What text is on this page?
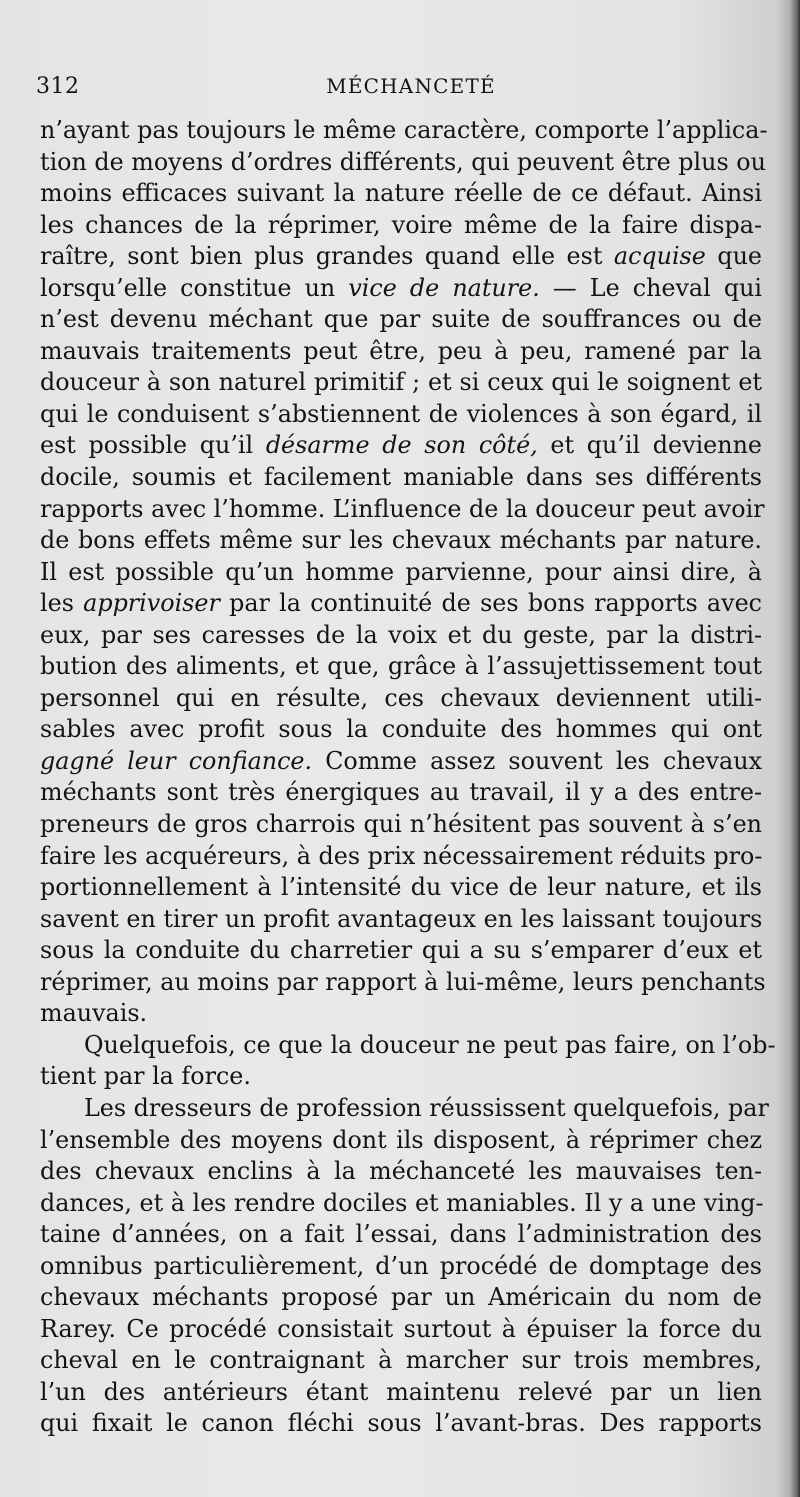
312	MÉCHANCETÉ
n’ayant pas toujours le même caractère, comporte l’applica-
tion de moyens d’ordres différents, qui peuvent être plus ou
moins efficaces suivant la nature réelle de ce défaut. Ainsi
les chances de la réprimer, voire même de la faire dispa-
raître, sont bien plus grandes quand elle est acquise que
lorsqu’elle constitue un vice de nature. — Le cheval qui
n’est devenu méchant que par suite de souffrances ou de
mauvais traitements peut être, peu à peu, ramené par la
douceur à son naturel primitif ; et si ceux qui le soignent et
qui le conduisent s’abstiennent de violences à son égard, il
est possible qu’il désarme de son côté, et qu’il devienne
docile, soumis et facilement maniable dans ses différents
rapports avec l’homme. L’influence de la douceur peut avoir
de bons effets même sur les chevaux méchants par nature.
Il est possible qu’un homme parvienne, pour ainsi dire, à
les apprivoiser par la continuité de ses bons rapports avec
eux, par ses caresses de la voix et du geste, par la distri-
bution des aliments, et que, grâce à l’assujettissement tout
personnel qui en résulte, ces chevaux deviennent utili-
sables avec profit sous la conduite des hommes qui ont
gagné leur confiance. Comme assez souvent les chevaux
méchants sont très énergiques au travail, il y a des entre-
preneurs de gros charrois qui n’hésitent pas souvent à s’en
faire les acquéreurs, à des prix nécessairement réduits pro-
portionnellement à l’intensité du vice de leur nature, et ils
savent en tirer un profit avantageux en les laissant toujours
sous la conduite du charretier qui a su s’emparer d’eux et
réprimer, au moins par rapport à lui-même, leurs penchants
mauvais.
Quelquefois, ce que la douceur ne peut pas faire, on l’ob-
tient par la force.
Les dresseurs de profession réussissent quelquefois, par
l’ensemble des moyens dont ils disposent, à réprimer chez
des chevaux enclins à la méchanceté les mauvaises ten-
dances, et à les rendre dociles et maniables. Il y a une ving-
taine d’années, on a fait l’essai, dans l’administration des
omnibus particulièrement, d’un procédé de domptage des
chevaux méchants proposé par un Américain du nom de
Rarey. Ce procédé consistait surtout à épuiser la force du
cheval en le contraignant à marcher sur trois membres,
l’un des antérieurs étant maintenu relevé par un lien
qui fixait le canon fléchi sous l’avant-bras. Des rapports
